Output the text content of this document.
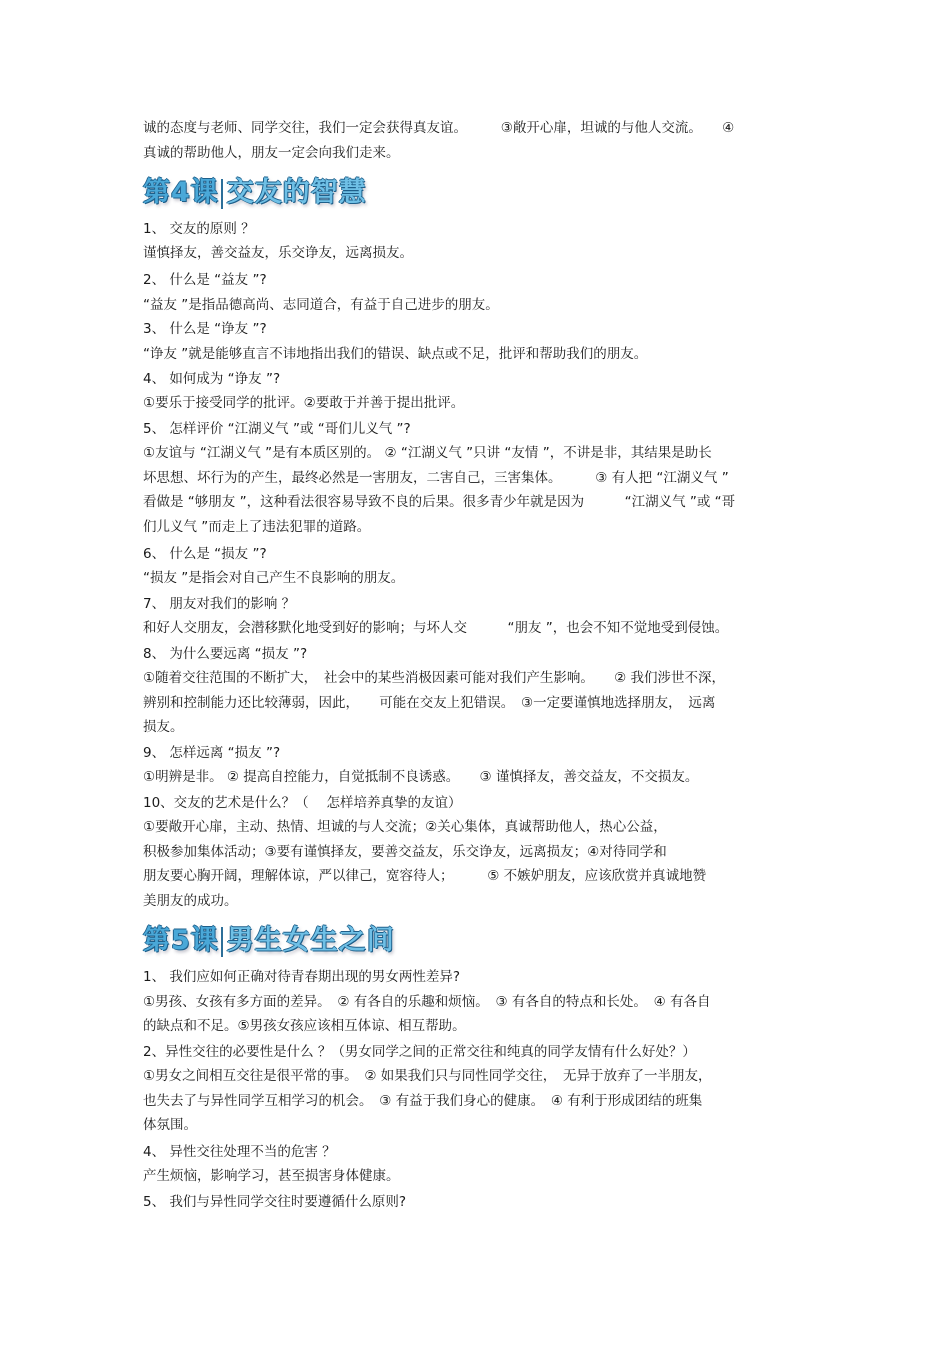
诚的态度与老师、同学交往，我们一定会获得真友谊。　　　③敞开心扉，坦诚的与他人交流。　　④
真诚的帮助他人，朋友一定会向我们走来。
第4课 交友的智慧
1、 交友的原则 ？
谨慎择友，善交益友，乐交诤友，远离损友。
2、 什么是 “益友 ”?
“益友 ”是指品德高尚、志同道合，有益于自己进步的朋友。
3、 什么是 “诤友 ”?
“诤友 ”就是能够直言不讳地指出我们的错误、缺点或不足，批评和帮助我们的朋友。
4、 如何成为 “诤友 ”?
①要乐于接受同学的批评。②要敢于并善于提出批评。
5、 怎样评价 “江湖义气 ”或 “哥们儿义气 ”?
①友谊与 “江湖义气 ”是有本质区别的。 ② “江湖义气 ”只讲 “友情 ”，不讲是非，其结果是助长
坏思想、坏行为的产生，最终必然是一害朋友，二害自己，三害集体。　　　③ 有人把 “江湖义气 ”
看做是 “够朋友 ”，这种看法很容易导致不良的后果。很多青少年就是因为　　　“江湖义气 ”或 “哥
们儿义气 ”而走上了违法犯罪的道路。
6、 什么是 “损友 ”?
“损友 ”是指会对自己产生不良影响的朋友。
7、 朋友对我们的影响 ？
和好人交朋友，会潜移默化地受到好的影响；与坏人交　　　“朋友 ”，也会不知不觉地受到侵蚀。
8、 为什么要远离 “损友 ”?
①随着交往范围的不断扩大，　社会中的某些消极因素可能对我们产生影响。　　② 我们涉世不深，
辨别和控制能力还比较薄弱，因此，　　可能在交友上犯错误。　③一定要谨慎地选择朋友，　远离
损友。
9、 怎样远离 “损友 ”?
①明辨是非。 ② 提高自控能力，自觉抵制不良诱惑。　　③ 谨慎择友，善交益友，不交损友。
10、交友的艺术是什么？（　 怎样培养真挚的友谊）
①要敞开心扉，主动、热情、坦诚的与人交流；②关心集体，真诚帮助他人，热心公益，
积极参加集体活动；③要有谨慎择友，要善交益友，乐交诤友，远离损友；④对待同学和
朋友要心胸开阔，理解体谅，严以律己，宽容待人；　　　⑤ 不嫉妒朋友，应该欣赏并真诚地赞
美朋友的成功。
第5课 男生女生之间
1、 我们应如何正确对待青春期出现的男女两性差异?
①男孩、女孩有多方面的差异。　② 有各自的乐趣和烦恼。　③ 有各自的特点和长处。　④ 有各自
的缺点和不足。⑤男孩女孩应该相互体谅、相互帮助。
2、异性交往的必要性是什么 ？（男女同学之间的正常交往和纯真的同学友情有什么好处？）
①男女之间相互交往是很平常的事。　② 如果我们只与同性同学交往，　无异于放弃了一半朋友，
也失去了与异性同学互相学习的机会。　③ 有益于我们身心的健康。　④ 有利于形成团结的班集
体氛围。
4、 异性交往处理不当的危害 ？
产生烦恼，影响学习，甚至损害身体健康。
5、 我们与异性同学交往时要遵循什么原则?
